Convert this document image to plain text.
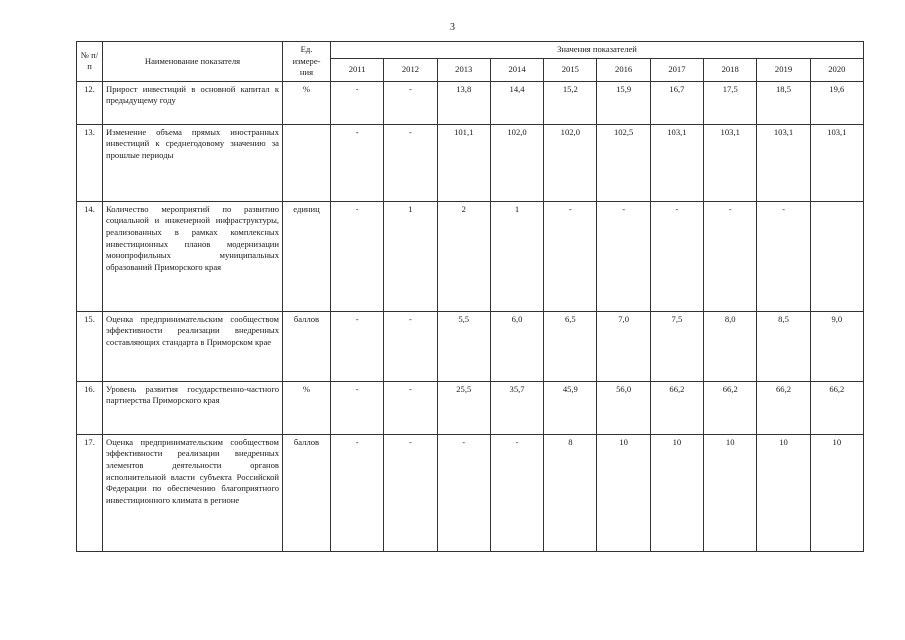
3
№ п/п	Наименование показателя	Ед. измере-ния	Значения показателей									
			2011	2012	2013	2014	2015	2016	2017	2018	2019	2020
12.	Прирост инвестиций в основной капитал к предыдущему году	%	-	-	13,8	14,4	15,2	15,9	16,7	17,5	18,5	19,6
13.	Изменение объема прямых иностранных инвестиций к среднегодовому значению за прошлые периоды		-	-	101,1	102,0	102,0	102,5	103,1	103,1	103,1	103,1
14.	Количество мероприятий по развитию социальной и инженерной инфраструктуры, реализованных в рамках комплексных инвестиционных планов модернизации монопрофильных муниципальных образований Приморского края	единиц	-	1	2	1	-	-	-	-	-	
15.	Оценка предпринимательским сообществом эффективности реализации внедренных составляющих стандарта в Приморском крае	баллов	-	-	5,5	6,0	6,5	7,0	7,5	8,0	8,5	9,0
16.	Уровень развития государственно-частного партнерства Приморского края	%	-	-	25,5	35,7	45,9	56,0	66,2	66,2	66,2	66,2
17.	Оценка предпринимательским сообществом эффективности реализации внедренных элементов деятельности органов исполнительной власти субъекта Российской Федерации по обеспечению благоприятного инвестиционного климата в регионе	баллов	-	-	-	-	8	10	10	10	10	10
